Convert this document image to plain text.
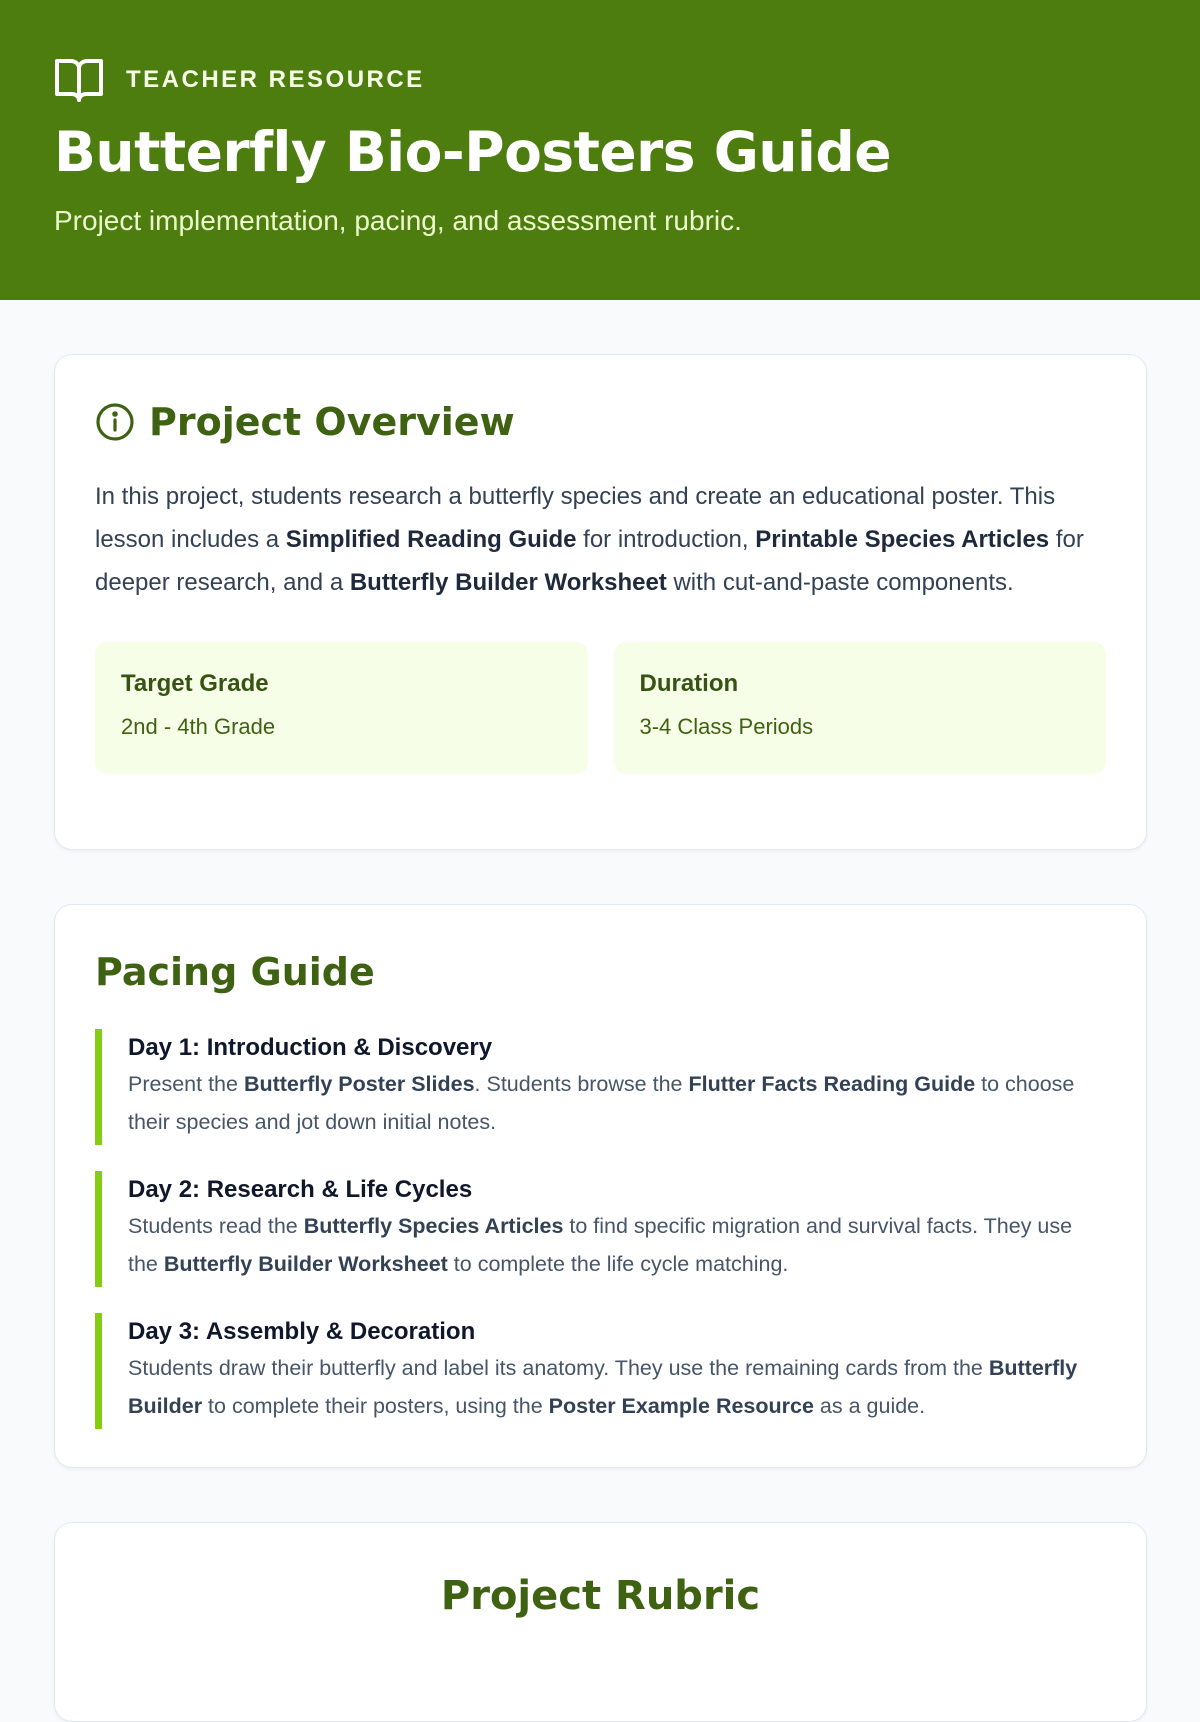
TEACHER RESOURCE
Butterfly Bio-Posters Guide

Project implementation, pacing, and assessment rubric.

Project Overview

In this project, students research a butterfly species and create an educational poster. This lesson includes a Simplified Reading Guide for introduction, Printable Species Articles for deeper research, and a Butterfly Builder Worksheet with cut-and-paste components.

Target Grade
2nd - 4th Grade
Duration
3-4 Class Periods
Pacing Guide
Day 1: Introduction & Discovery

Present the Butterfly Poster Slides. Students browse the Flutter Facts Reading Guide to choose their species and jot down initial notes.

Day 2: Research & Life Cycles

Students read the Butterfly Species Articles to find specific migration and survival facts. They use the Butterfly Builder Worksheet to complete the life cycle matching.

Day 3: Assembly & Decoration

Students draw their butterfly and label its anatomy. They use the remaining cards from the Butterfly Builder to complete their posters, using the Poster Example Resource as a guide.

Project Rubric
